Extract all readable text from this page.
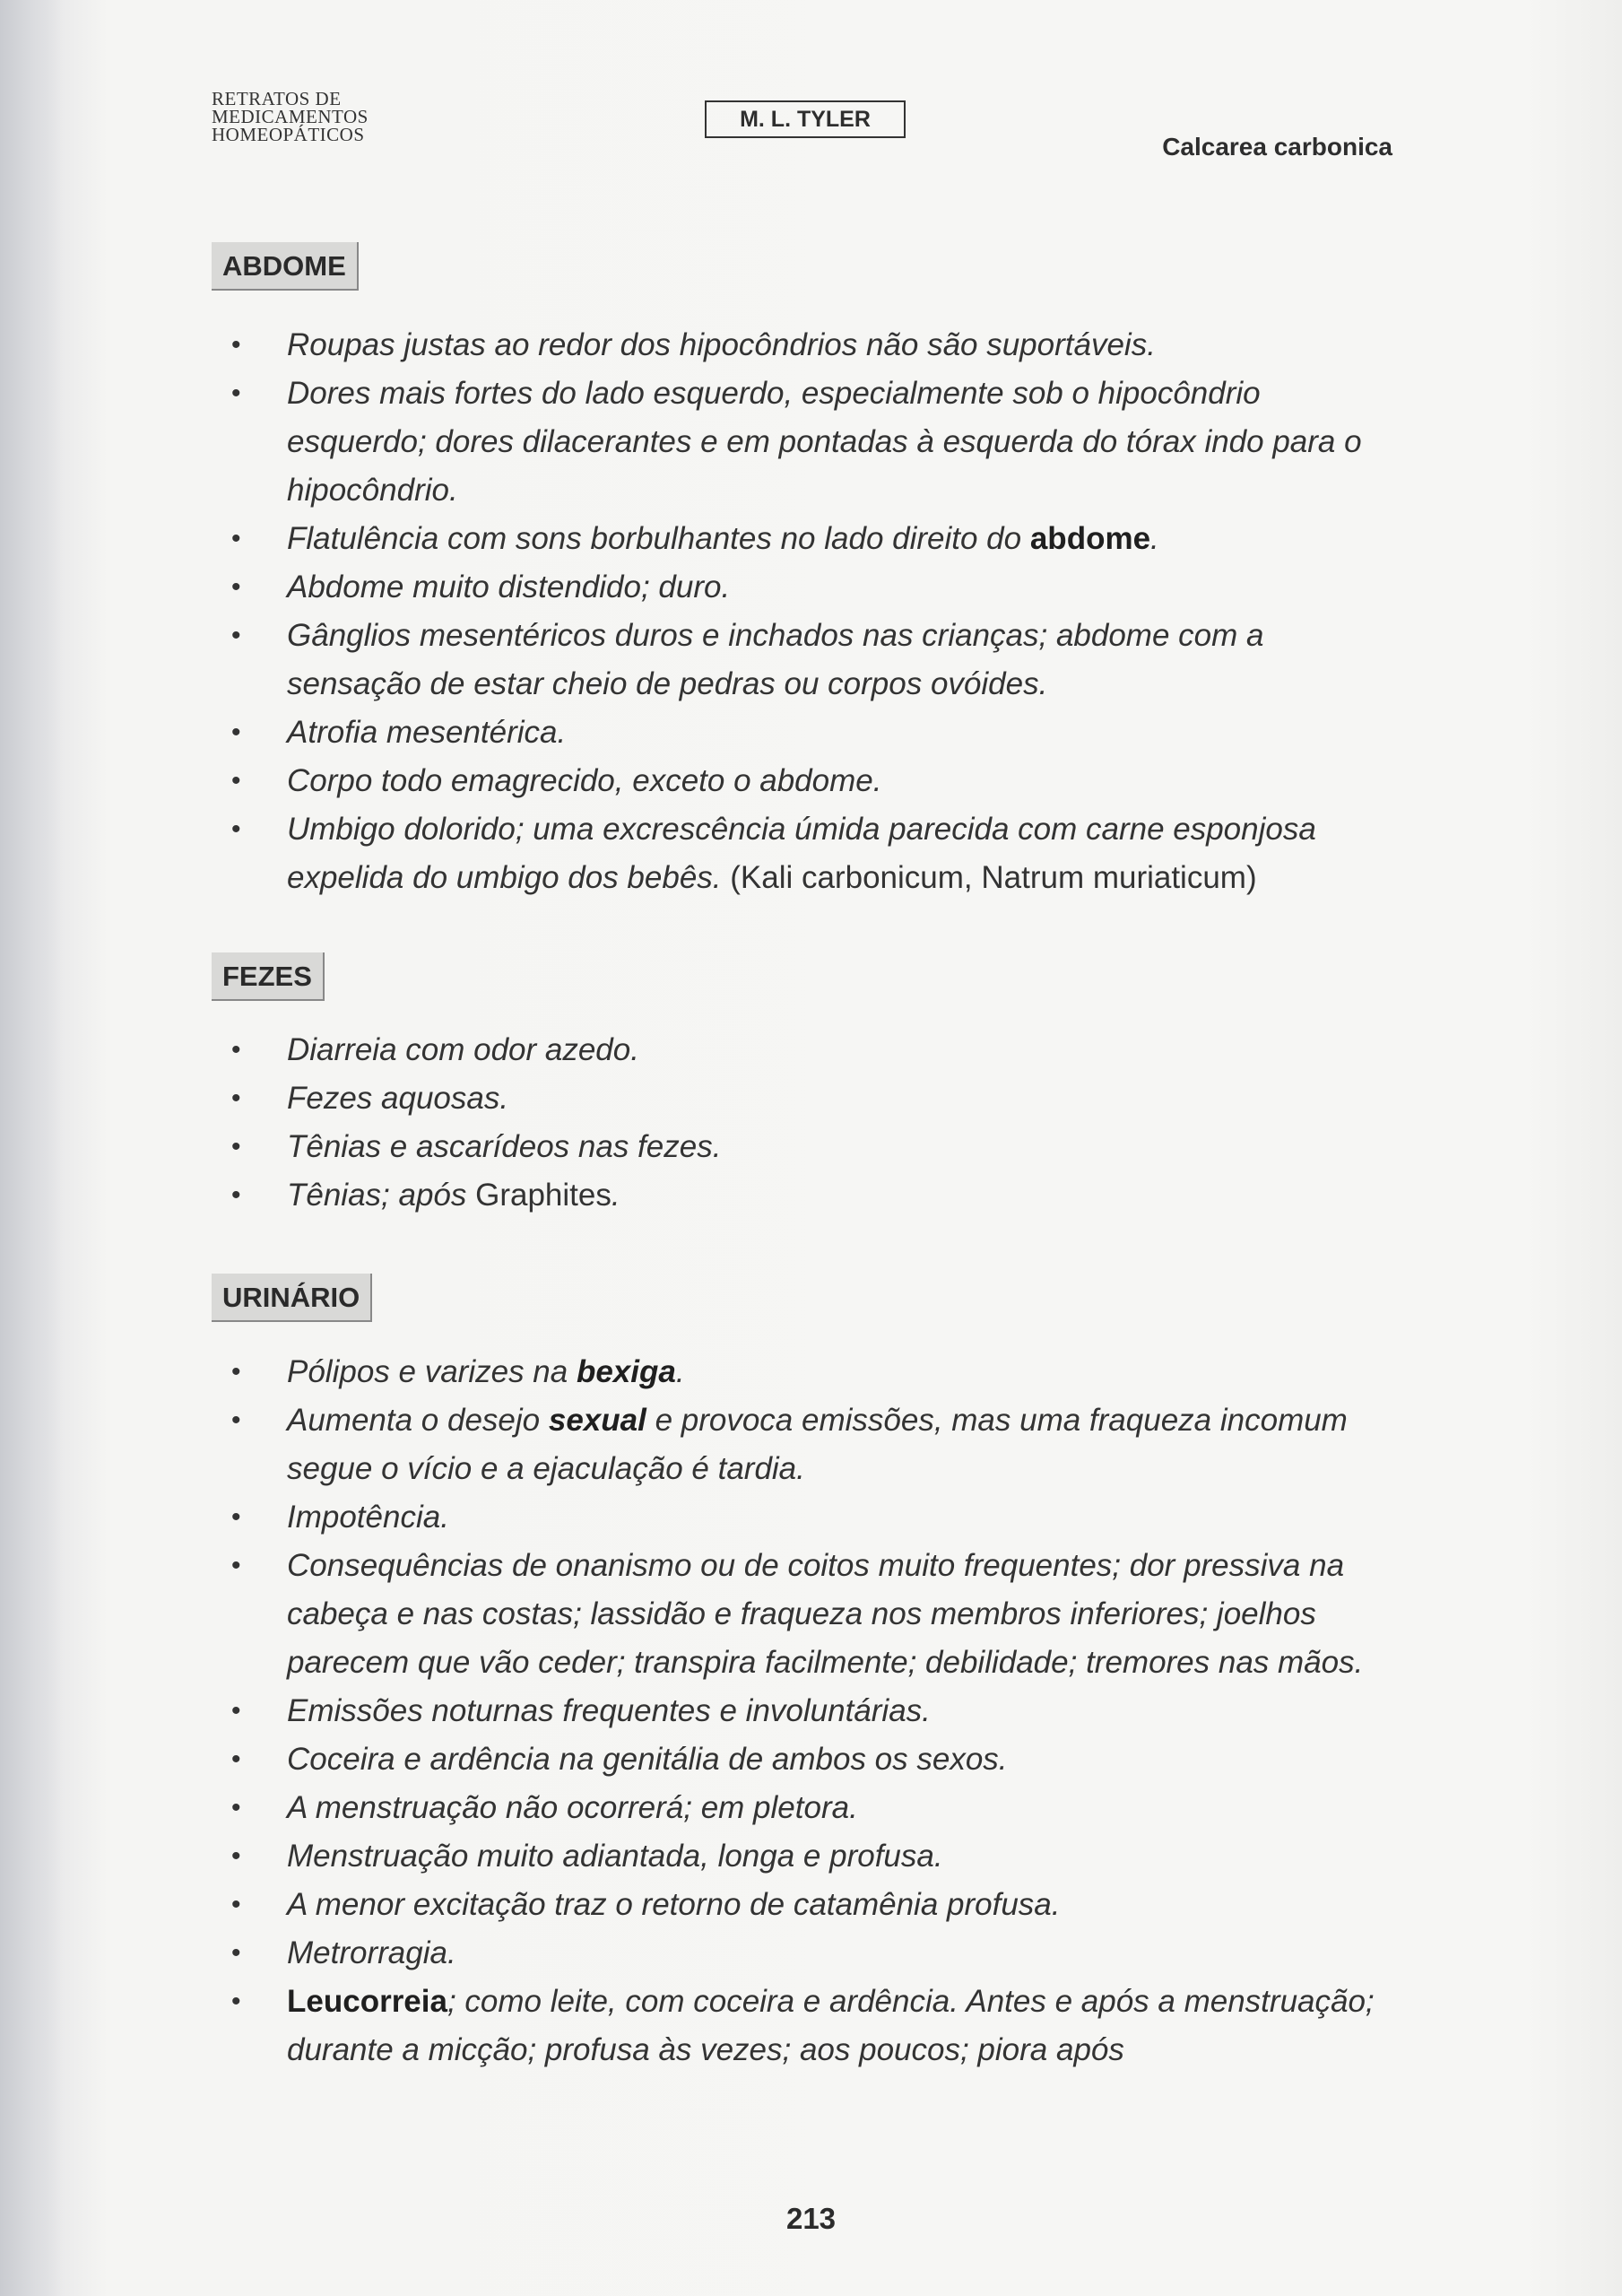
RETRATOS DE
MEDICAMENTOS
HOMEOPÁTICOS
M. L. TYLER
Calcarea carbonica
ABDOME
• Roupas justas ao redor dos hipocôndrios não são suportáveis.
• Dores mais fortes do lado esquerdo, especialmente sob o hipocôndrio esquerdo; dores dilacerantes e em pontadas à esquerda do tórax indo para o hipocôndrio.
• Flatulência com sons borbulhantes no lado direito do abdome.
• Abdome muito distendido; duro.
• Gânglios mesentéricos duros e inchados nas crianças; abdome com a sensação de estar cheio de pedras ou corpos ovóides.
• Atrofia mesentérica.
• Corpo todo emagrecido, exceto o abdome.
• Umbigo dolorido; uma excrescência úmida parecida com carne esponjosa expelida do umbigo dos bebês. (Kali carbonicum, Natrum muriaticum)
FEZES
• Diarreia com odor azedo.
• Fezes aquosas.
• Tênias e ascarídeos nas fezes.
• Tênias; após Graphites.
URINÁRIO
• Pólipos e varizes na bexiga.
• Aumenta o desejo sexual e provoca emissões, mas uma fraqueza incomum segue o vício e a ejaculação é tardia.
• Impotência.
• Consequências de onanismo ou de coitos muito frequentes; dor pressiva na cabeça e nas costas; lassidão e fraqueza nos membros inferiores; joelhos parecem que vão ceder; transpira facilmente; debilidade; tremores nas mãos.
• Emissões noturnas frequentes e involuntárias.
• Coceira e ardência na genitália de ambos os sexos.
• A menstruação não ocorrerá; em pletora.
• Menstruação muito adiantada, longa e profusa.
• A menor excitação traz o retorno de catamênia profusa.
• Metrorragia.
• Leucorreia; como leite, com coceira e ardência. Antes e após a menstruação; durante a micção; profusa às vezes; aos poucos; piora após
213
